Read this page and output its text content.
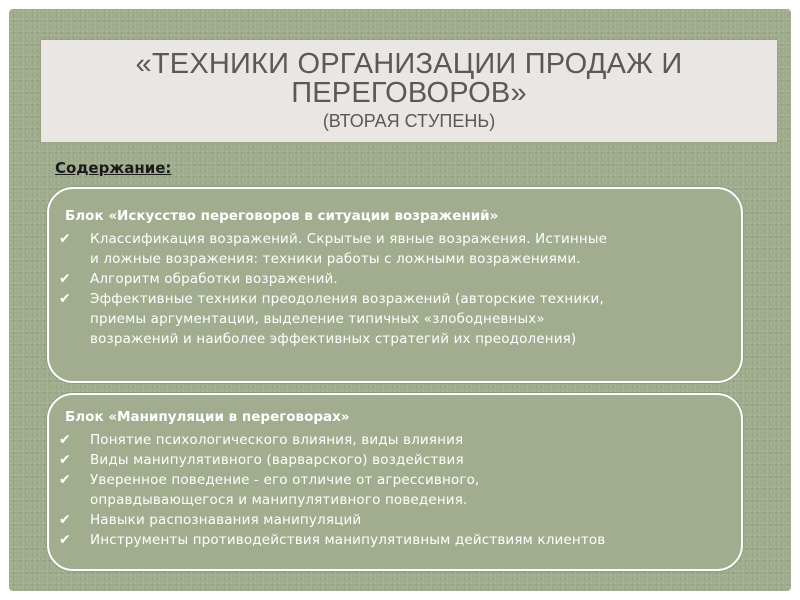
«ТЕХНИКИ ОРГАНИЗАЦИИ ПРОДАЖ И
ПЕРЕГОВОРОВ»
(ВТОРАЯ СТУПЕНЬ)
Содержание:
Блок «Искусство переговоров в ситуации возражений»
✔ Классификация возражений. Скрытые и явные возражения. Истинные
и ложные возражения: техники работы с ложными возражениями.
✔ Алгоритм обработки возражений.
✔ Эффективные техники преодоления возражений (авторские техники,
приемы аргументации, выделение типичных «злободневных»
возражений и наиболее эффективных стратегий их преодоления)
Блок «Манипуляции в переговорах»
✔ Понятие психологического влияния, виды влияния
✔ Виды манипулятивного (варварского) воздействия
✔ Уверенное поведение - его отличие от агрессивного,
оправдывающегося и манипулятивного поведения.
✔ Навыки распознавания манипуляций
✔ Инструменты противодействия манипулятивным действиям клиентов
